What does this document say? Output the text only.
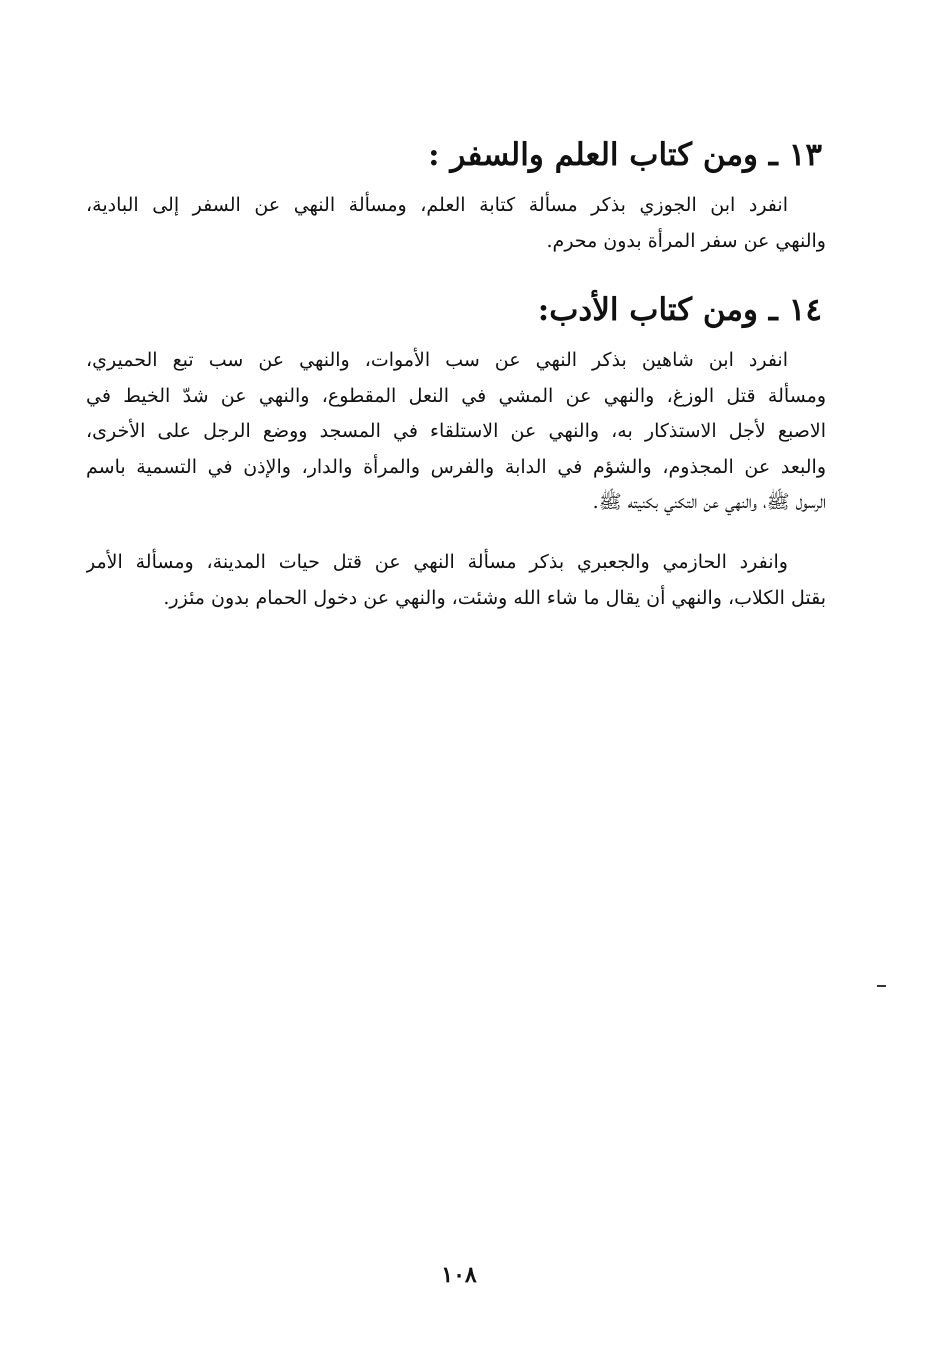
١٣ ـ ومن كتاب العلم والسفر :
انفرد ابن الجوزي بذكر مسألة كتابة العلم، ومسألة النهي عن السفر إلى البادية،
والنهي عن سفر المرأة بدون محرم.
١٤ ـ ومن كتاب الأدب:
انفرد ابن شاهين بذكر النهي عن سب الأموات، والنهي عن سب تبع الحميري،
ومسألة قتل الوزغ، والنهي عن المشي في النعل المقطوع، والنهي عن شدّ الخيط في
الاصبع لأجل الاستذكار به، والنهي عن الاستلقاء في المسجد ووضع الرجل على الأخرى،
والبعد عن المجذوم، والشؤم في الدابة والفرس والمرأة والدار، والإذن في التسمية باسم
الرسول ﷺ، والنهي عن التكني بكنيته ﷺ.
وانفرد الحازمي والجعبري بذكر مسألة النهي عن قتل حيات المدينة، ومسألة الأمر
بقتل الكلاب، والنهي أن يقال ما شاء الله وشئت، والنهي عن دخول الحمام بدون مئزر.
١٠٨
